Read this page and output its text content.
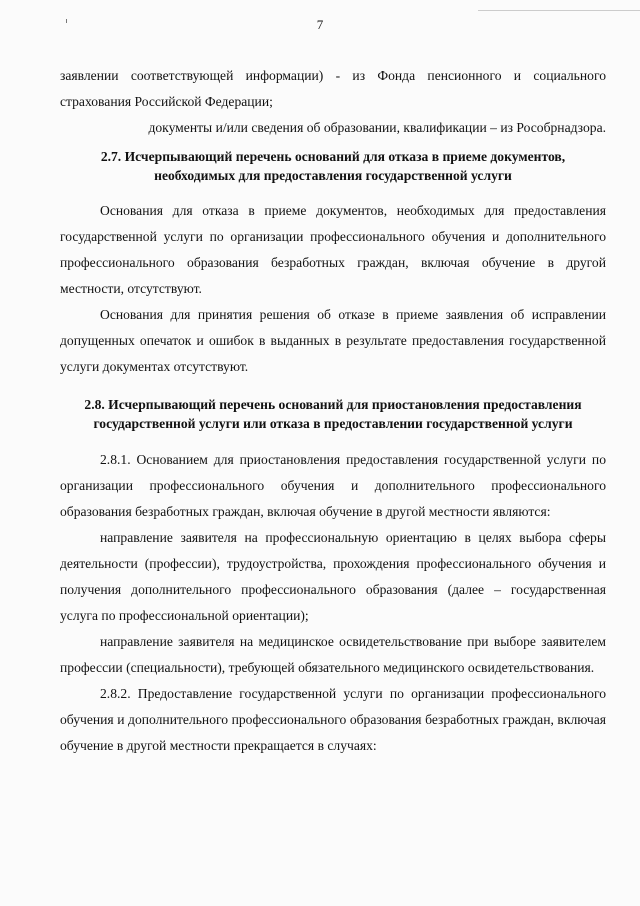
7

заявлении соответствующей информации) - из Фонда пенсионного и социального страхования Российской Федерации;

документы и/или сведения об образовании, квалификации – из Рособрнадзора.

2.7. Исчерпывающий перечень оснований для отказа в приеме документов, необходимых для предоставления государственной услуги

Основания для отказа в приеме документов, необходимых для предоставления государственной услуги по организации профессионального обучения и дополнительного профессионального образования безработных граждан, включая обучение в другой местности, отсутствуют.

Основания для принятия решения об отказе в приеме заявления об исправлении допущенных опечаток и ошибок в выданных в результате предоставления государственной услуги документах отсутствуют.

2.8. Исчерпывающий перечень оснований для приостановления предоставления государственной услуги или отказа в предоставлении государственной услуги

2.8.1. Основанием для приостановления предоставления государственной услуги по организации профессионального обучения и дополнительного профессионального образования безработных граждан, включая обучение в другой местности являются:

направление заявителя на профессиональную ориентацию в целях выбора сферы деятельности (профессии), трудоустройства, прохождения профессионального обучения и получения дополнительного профессионального образования (далее – государственная услуга по профессиональной ориентации);

направление заявителя на медицинское освидетельствование при выборе заявителем профессии (специальности), требующей обязательного медицинского освидетельствования.

2.8.2. Предоставление государственной услуги по организации профессионального обучения и дополнительного профессионального образования безработных граждан, включая обучение в другой местности прекращается в случаях:
